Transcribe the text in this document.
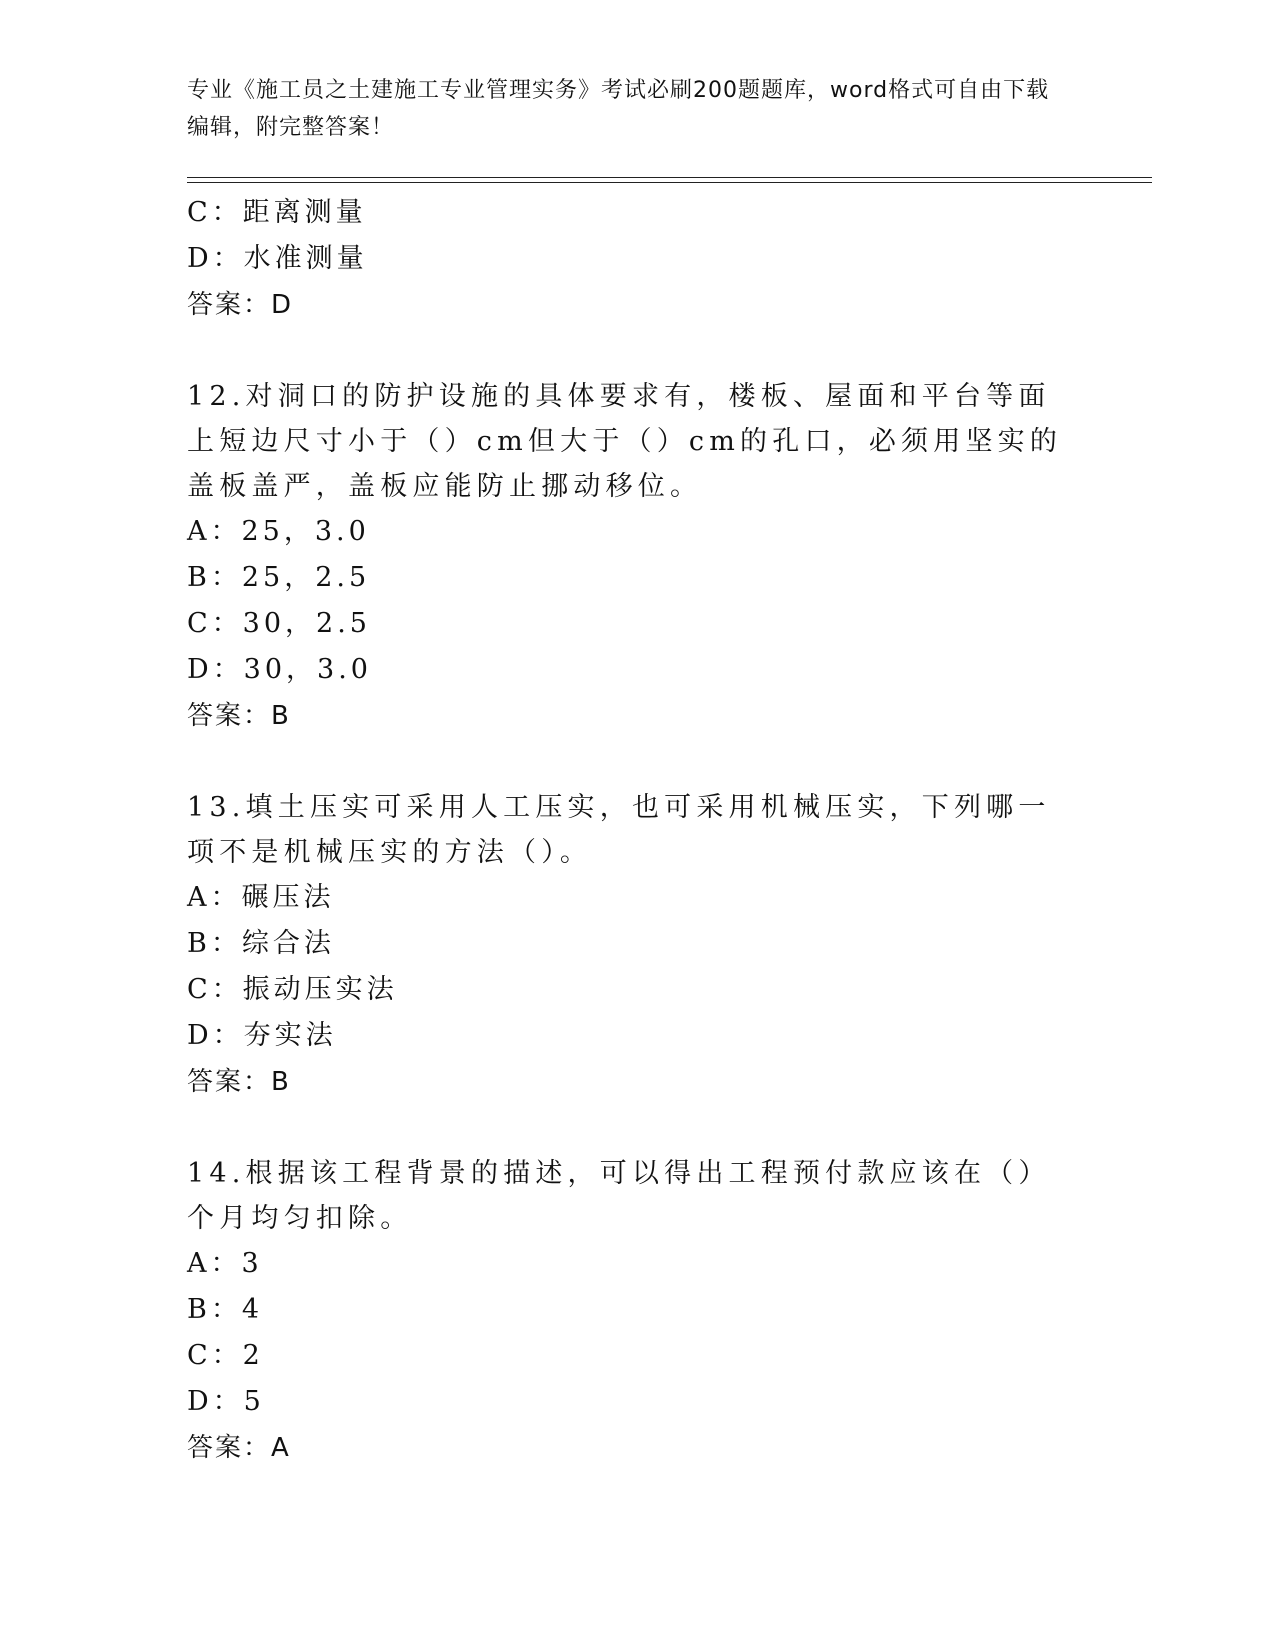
专业《施工员之土建施工专业管理实务》考试必刷200题题库，word格式可自由下载编辑，附完整答案！
C：距离测量
D：水准测量
答案：D
12.对洞口的防护设施的具体要求有，楼板、屋面和平台等面上短边尺寸小于（）cm但大于（）cm的孔口，必须用坚实的盖板盖严，盖板应能防止挪动移位。
A：25，3.0
B：25，2.5
C：30，2.5
D：30，3.0
答案：B
13.填土压实可采用人工压实，也可采用机械压实，下列哪一项不是机械压实的方法（）。
A：碾压法
B：综合法
C：振动压实法
D：夯实法
答案：B
14.根据该工程背景的描述，可以得出工程预付款应该在（）个月均匀扣除。
A：3
B：4
C：2
D：5
答案：A
